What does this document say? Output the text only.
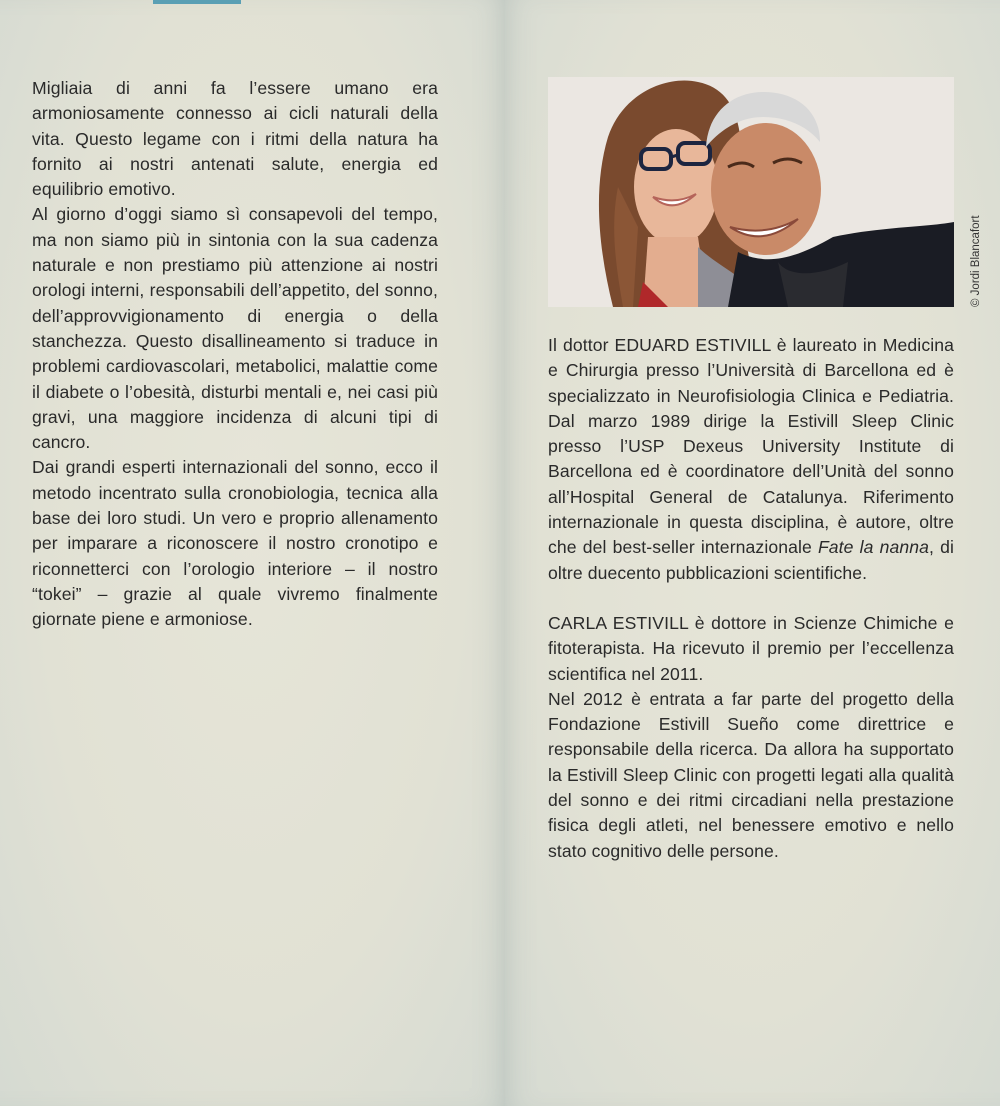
Migliaia di anni fa l’essere umano era armoniosamente connesso ai cicli naturali della vita. Questo legame con i ritmi della natura ha fornito ai nostri antenati salute, energia ed equilibrio emotivo.

Al giorno d’oggi siamo sì consapevoli del tempo, ma non siamo più in sintonia con la sua cadenza naturale e non prestiamo più attenzione ai nostri orologi interni, responsabili dell’appetito, del sonno, dell’approvvigionamento di energia o della stanchezza. Questo disallineamento si traduce in problemi cardiovascolari, metabolici, malattie come il diabete o l’obesità, disturbi mentali e, nei casi più gravi, una maggiore incidenza di alcuni tipi di cancro.

Dai grandi esperti internazionali del sonno, ecco il metodo incentrato sulla cronobiologia, tecnica alla base dei loro studi. Un vero e proprio allenamento per imparare a riconoscere il nostro cronotipo e riconnetterci con l’orologio interiore – il nostro “tokei” – grazie al quale vivremo finalmente giornate piene e armoniose.

© Jordi Blancafort

Il dottor EDUARD ESTIVILL è laureato in Medicina e Chirurgia presso l’Università di Barcellona ed è specializzato in Neurofisiologia Clinica e Pediatria. Dal marzo 1989 dirige la Estivill Sleep Clinic presso l’USP Dexeus University Institute di Barcellona ed è coordinatore dell’Unità del sonno all’Hospital General de Catalunya. Riferimento internazionale in questa disciplina, è autore, oltre che del best-seller internazionale Fate la nanna, di oltre duecento pubblicazioni scientifiche.

CARLA ESTIVILL è dottore in Scienze Chimiche e fitoterapista. Ha ricevuto il premio per l’eccellenza scientifica nel 2011.

Nel 2012 è entrata a far parte del progetto della Fondazione Estivill Sueño come direttrice e responsabile della ricerca. Da allora ha supportato la Estivill Sleep Clinic con progetti legati alla qualità del sonno e dei ritmi circadiani nella prestazione fisica degli atleti, nel benessere emotivo e nello stato cognitivo delle persone.
